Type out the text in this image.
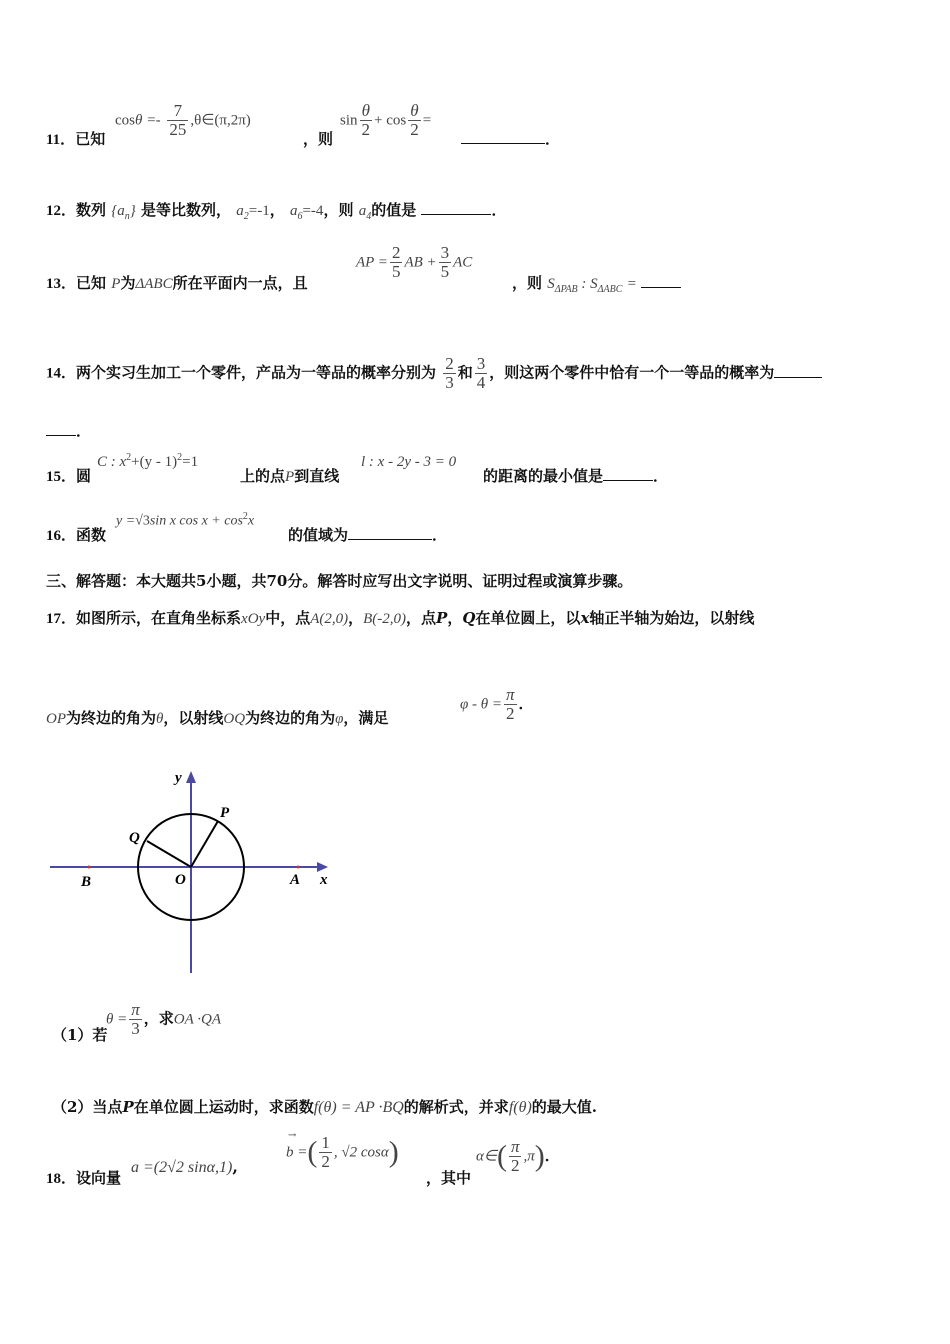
11．已知
$\cos\theta =- \frac{7}{25}$ ,θ∈(π,2π)
，则
$\sin \frac{\theta}{2} + \cos \frac{\theta}{2}$ =
．
12．数列 $\{a_n\}$ 是等比数列， $a_2=-1$， $a_6=-4$，则 $a_4$的值是	．
13．已知 P为ΔABC所在平面内一点，且
AP = $\frac{2}{5}$ AB + $\frac{3}{5}$ AC
，则 $S_{\Delta PAB}$ : $S_{\Delta ABC}$ =
14．两个实习生加工一个零件，产品为一等品的概率分别为 $\frac{2}{3}$ 和 $\frac{3}{4}$ ，则这两个零件中恰有一个一等品的概率为
．
15．圆
C : $x^2+(y - 1)^2=1$
上的点P到直线
l : x - 2y - 3 = 0
的距离的最小值是	．
16．函数
y =√3sin x $\cos x + \cos^2x$
的值域为	．
三、解答题：本大题共5小题，共70分。解答时应写出文字说明、证明过程或演算步骤。
17．如图所示，在直角坐标系xOy中，点A(2,0)，B(-2,0)，点P，Q在单位圆上，以x轴正半轴为始边，以射线
OP为终边的角为θ，以射线OQ为终边的角为φ，满足
$\varphi - \theta = \frac{\pi}{2}$ ．
y
x
O	A
B
P
Q
（1）若
$\theta = \frac{\pi}{3}$ ，求OA ·QA
（2）当点P在单位圆上运动时，求函数f(θ) = AP ·BQ的解析式，并求f(θ)的最大值.
18．设向量
a =(2√2 sinα,1),
→
b =( $\frac{1}{2}$ , √2 cosα)
，其中
α∈( $\frac{\pi}{2} ,\pi$)．
